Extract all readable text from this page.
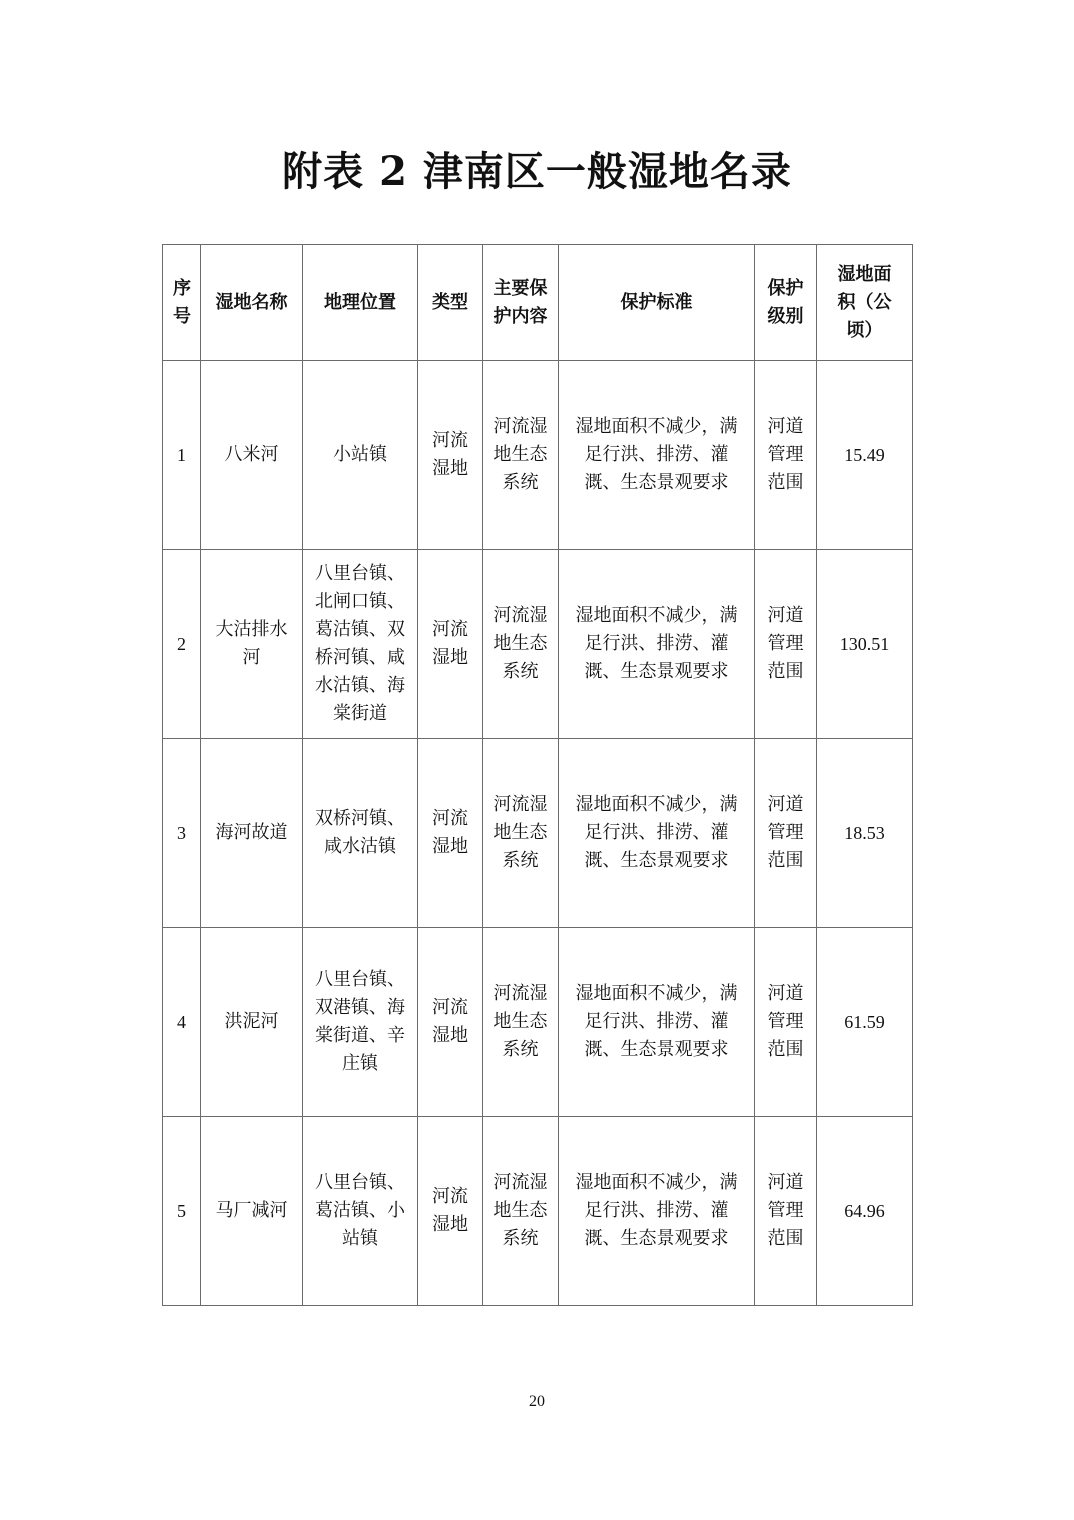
附表 2 津南区一般湿地名录
序号	湿地名称	地理位置	类型	主要保护内容	保护标准	保护级别	湿地面积（公顷）
1	八米河	小站镇	河流湿地	河流湿地生态系统	湿地面积不减少，满足行洪、排涝、灌溉、生态景观要求	河道管理范围	15.49
2	大沽排水河	八里台镇、北闸口镇、葛沽镇、双桥河镇、咸水沽镇、海棠街道	河流湿地	河流湿地生态系统	湿地面积不减少，满足行洪、排涝、灌溉、生态景观要求	河道管理范围	130.51
3	海河故道	双桥河镇、咸水沽镇	河流湿地	河流湿地生态系统	湿地面积不减少，满足行洪、排涝、灌溉、生态景观要求	河道管理范围	18.53
4	洪泥河	八里台镇、双港镇、海棠街道、辛庄镇	河流湿地	河流湿地生态系统	湿地面积不减少，满足行洪、排涝、灌溉、生态景观要求	河道管理范围	61.59
5	马厂减河	八里台镇、葛沽镇、小站镇	河流湿地	河流湿地生态系统	湿地面积不减少，满足行洪、排涝、灌溉、生态景观要求	河道管理范围	64.96
20
